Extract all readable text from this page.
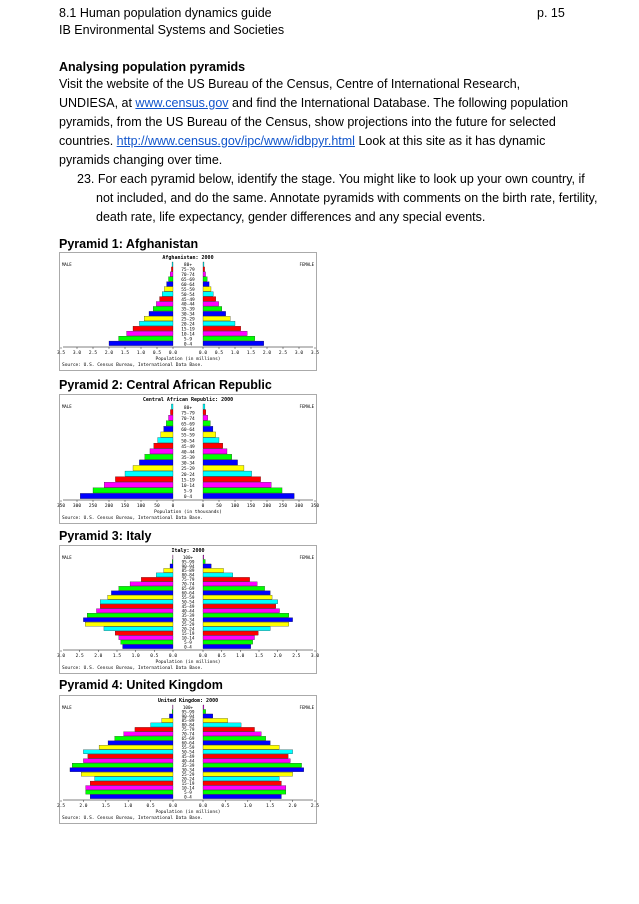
8.1 Human population dynamics guide	p. 15
IB Environmental Systems and Societies
Analysing population pyramids
Visit the website of the US Bureau of the Census, Centre of International Research, UNDIESA, at www.census.gov and find the International Database. The following population pyramids, from the US Bureau of the Census, show projections into the future for selected countries. http://www.census.gov/ipc/www/idbpyr.html Look at this site as it has dynamic pyramids changing over time.
23. For each pyramid below, identify the stage. You might like to look up your own country, if not included, and do the same. Annotate pyramids with comments on the birth rate, fertility, death rate, life expectancy, gender differences and any special events.
Pyramid 1: Afghanistan
Pyramid 2: Central African Republic
Pyramid 3: Italy
Pyramid 4: United Kingdom
Afghanistan: 2000
MALE	FEMALE
0-4
5-9
10-14
15-19
20-24
25-29
30-34
35-39
40-44
45-49
50-54
55-59
60-64
65-69
70-74
75-79
80+
3.5 3.0 2.5 2.0 1.5 1.0 0.5 0.0	0.0 0.5 1.0 1.5 2.0 2.5 3.0 3.5
Population (in millions)
Source: U.S. Census Bureau, International Data Base.
Central African Republic: 2000
MALE	FEMALE
0-4
5-9
10-14
15-19
20-24
25-29
30-34
35-39
40-44
45-49
50-54
55-59
60-64
65-69
70-74
75-79
80+
350 300 250 200 150 100 50	0	0	50 100 150 200 250 300 350
Population (in thousands)
Source: U.S. Census Bureau, International Data Base.
Italy: 2000
MALE	FEMALE
0-4
5-9
10-14
15-19
20-24
25-29
30-34
35-39
40-44
45-49
50-54
55-59
60-64
65-69
70-74
75-79
80-84
85-89
90-94
95-99
100+
3.0 2.5 2.0 1.5 1.0 0.5 0.0	0.0 0.5 1.0 1.5 2.0 2.5 3.0
Population (in millions)
Source: U.S. Census Bureau, International Data Base.
United Kingdom: 2000
MALE	FEMALE
0-4
5-9
10-14
15-19
20-24
25-29
30-34
35-39
40-44
45-49
50-54
55-59
60-64
65-69
70-74
75-79
80-84
85-89
90-94
95-99
100+
2.5	2.0	1.5	1.0	0.5	0.0	0.0	0.5	1.0	1.5	2.0	2.5
Population (in millions)
Source: U.S. Census Bureau, International Data Base.
